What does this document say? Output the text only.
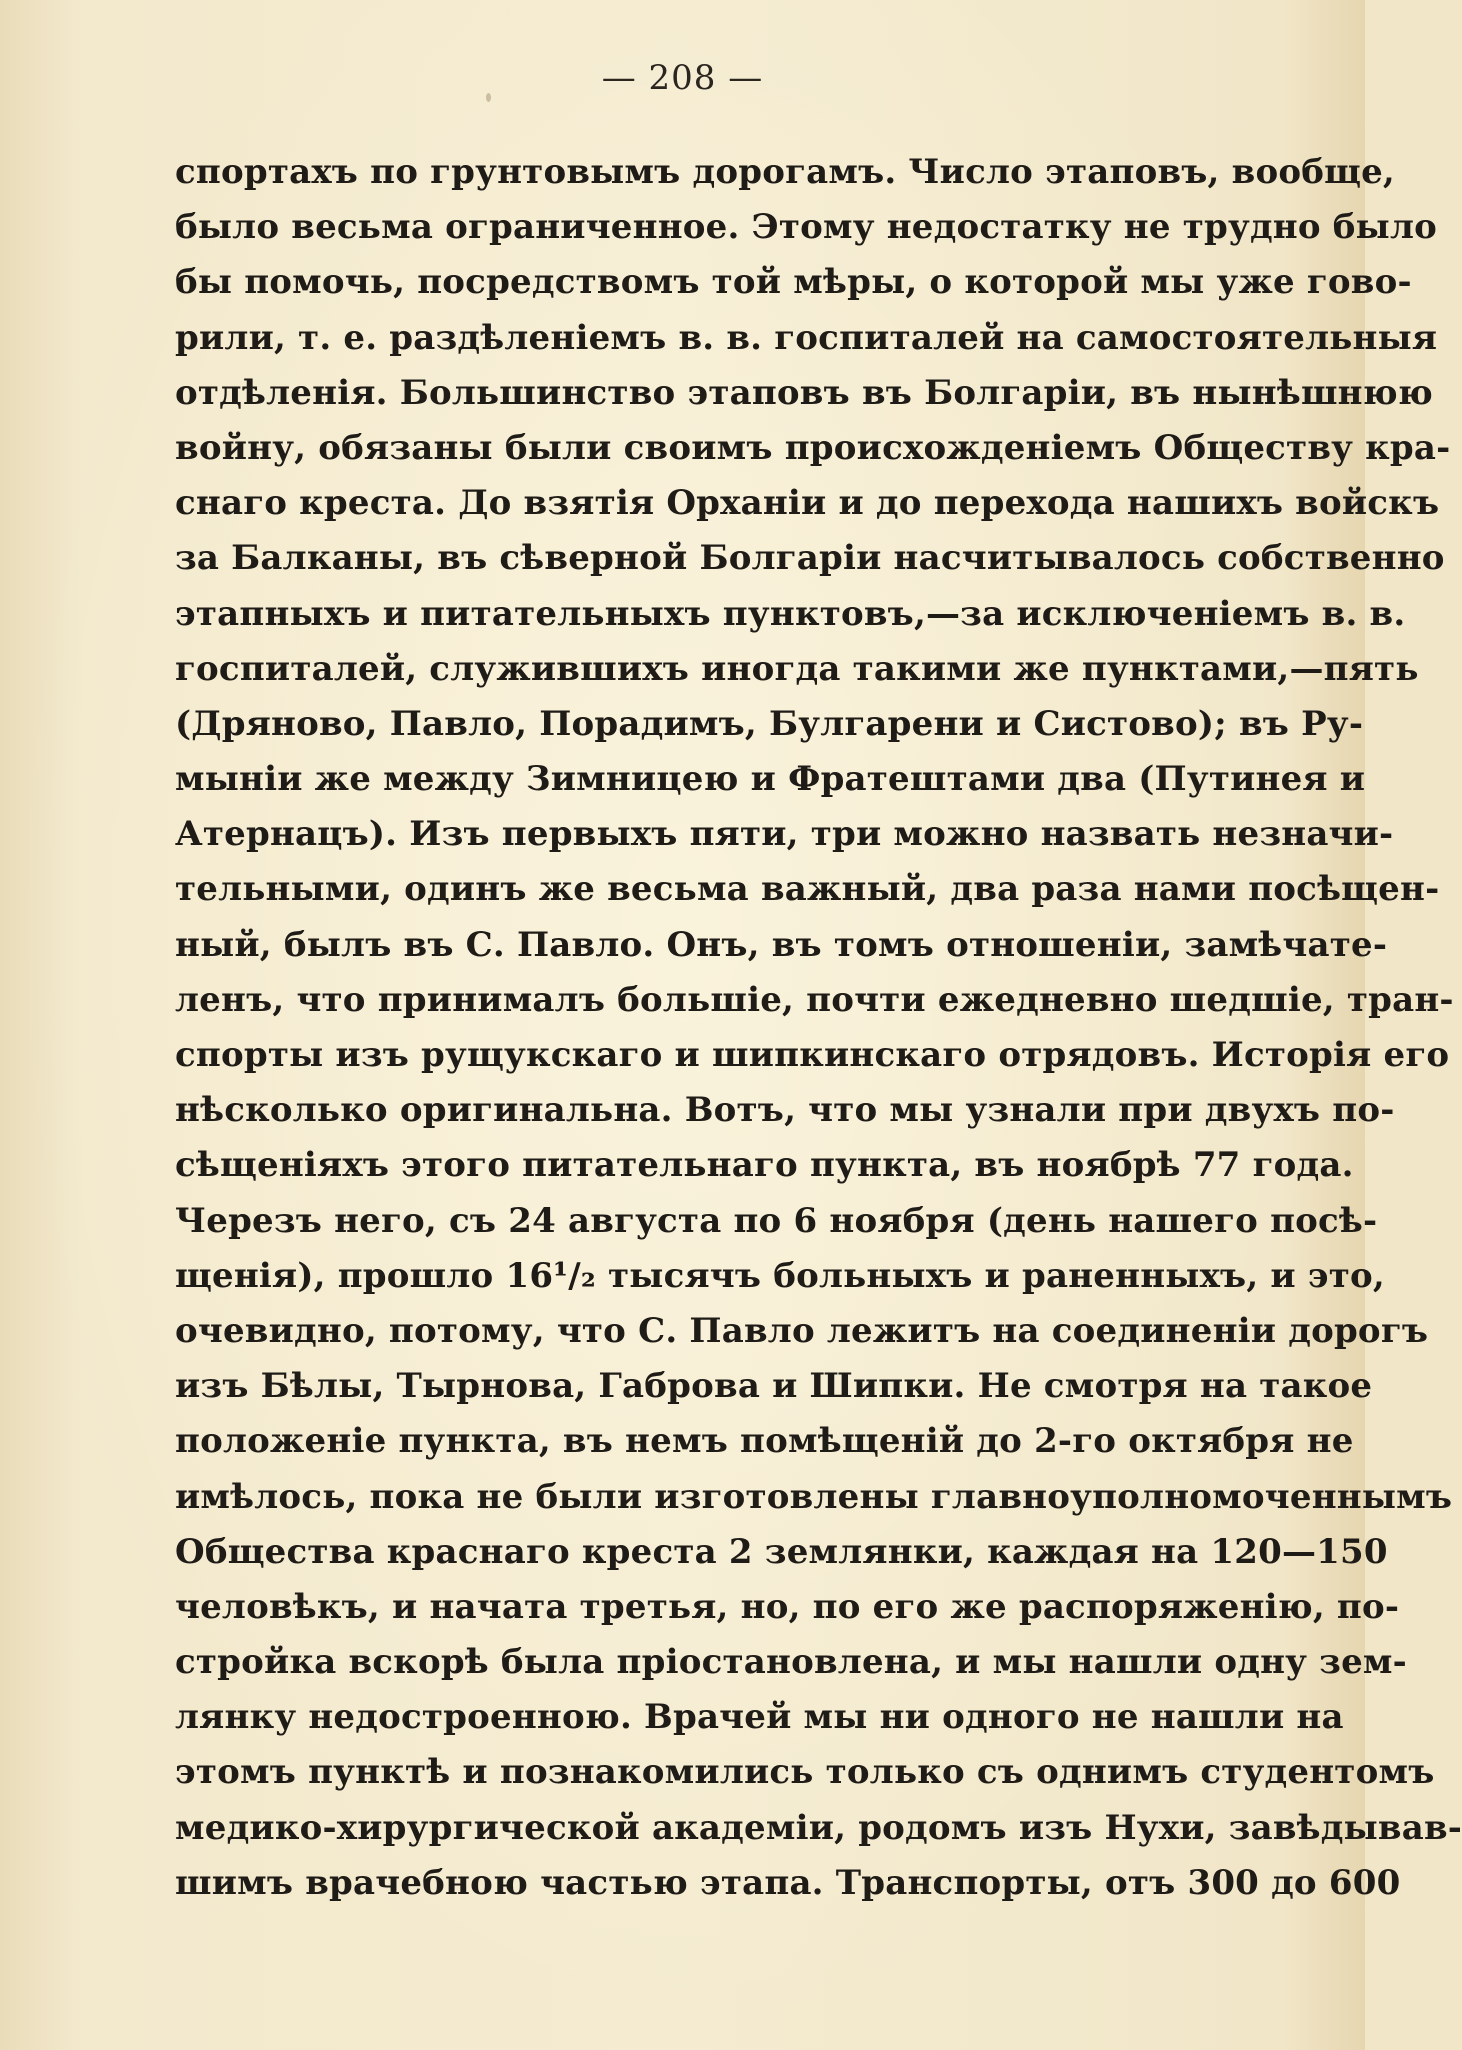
— 208 —
спортахъ по грунтовымъ дорогамъ. Число этаповъ, вообще,
было весьма ограниченное. Этому недостатку не трудно было
бы помочь, посредствомъ той мѣры, о которой мы уже гово-
рили, т. е. раздѣленіемъ в. в. госпиталей на самостоятельныя
отдѣленія. Большинство этаповъ въ Болгаріи, въ нынѣшнюю
войну, обязаны были своимъ происхожденіемъ Обществу кра-
снаго креста. До взятія Орханіи и до перехода нашихъ войскъ
за Балканы, въ сѣверной Болгаріи насчитывалось собственно
этапныхъ и питательныхъ пунктовъ,—за исключеніемъ в. в.
госпиталей, служившихъ иногда такими же пунктами,—пять
(Дряново, Павло, Порадимъ, Булгарени и Систово); въ Ру-
мыніи же между Зимницею и Фратештами два (Путинея и
Атернацъ). Изъ первыхъ пяти, три можно назвать незначи-
тельными, одинъ же весьма важный, два раза нами посѣщен-
ный, былъ въ С. Павло. Онъ, въ томъ отношеніи, замѣчате-
ленъ, что принималъ большіе, почти ежедневно шедшіе, тран-
спорты изъ рущукскаго и шипкинскаго отрядовъ. Исторія его
нѣсколько оригинальна. Вотъ, что мы узнали при двухъ по-
сѣщеніяхъ этого питательнаго пункта, въ ноябрѣ 77 года.
Черезъ него, съ 24 августа по 6 ноября (день нашего посѣ-
щенія), прошло 16¹/₂ тысячъ больныхъ и раненныхъ, и это,
очевидно, потому, что С. Павло лежитъ на соединеніи дорогъ
изъ Бѣлы, Тырнова, Габрова и Шипки. Не смотря на такое
положеніе пункта, въ немъ помѣщеній до 2-го октября не
имѣлось, пока не были изготовлены главноуполномоченнымъ
Общества краснаго креста 2 землянки, каждая на 120—150
человѣкъ, и начата третья, но, по его же распоряженію, по-
стройка вскорѣ была пріостановлена, и мы нашли одну зем-
лянку недостроенною. Врачей мы ни одного не нашли на
этомъ пунктѣ и познакомились только съ однимъ студентомъ
медико-хирургической академіи, родомъ изъ Нухи, завѣдывав-
шимъ врачебною частью этапа. Транспорты, отъ 300 до 600
